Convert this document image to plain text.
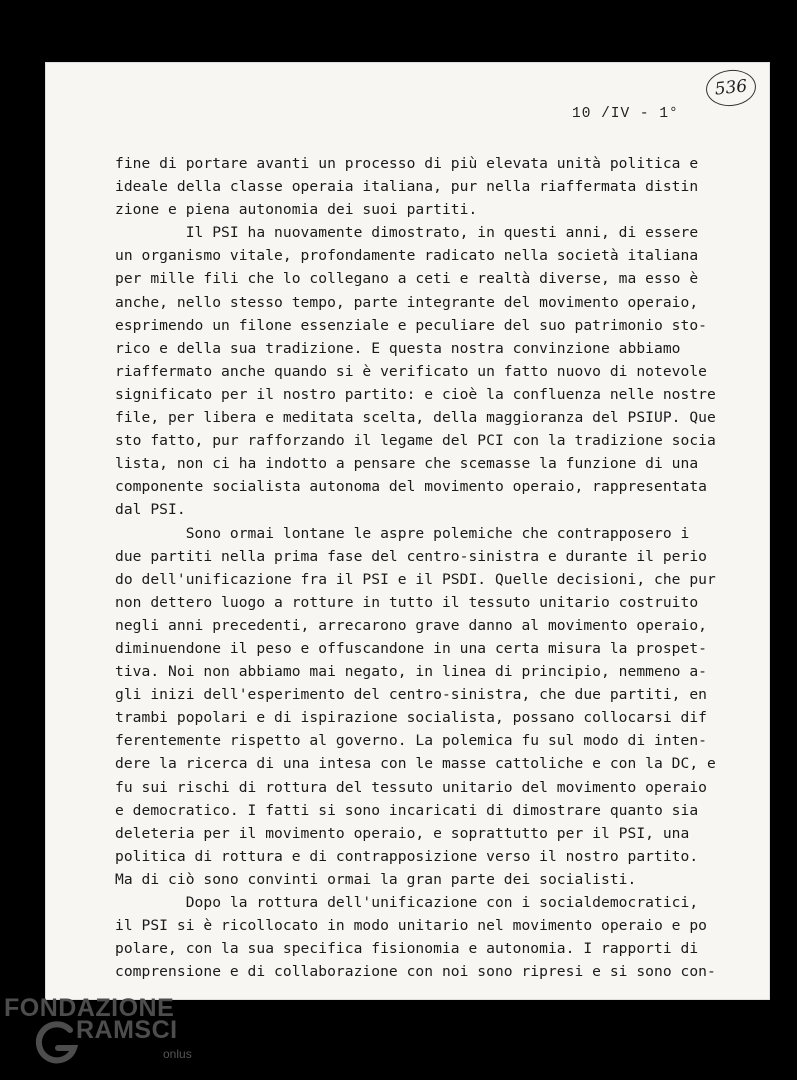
536
10 /IV - 1°
fine di portare avanti un processo di più elevata unità politica e
ideale della classe operaia italiana, pur nella riaffermata distin
zione e piena autonomia dei suoi partiti.
Il PSI ha nuovamente dimostrato, in questi anni, di essere
un organismo vitale, profondamente radicato nella società italiana
per mille fili che lo collegano a ceti e realtà diverse, ma esso è
anche, nello stesso tempo, parte integrante del movimento operaio,
esprimendo un filone essenziale e peculiare del suo patrimonio sto-
rico e della sua tradizione. E questa nostra convinzione abbiamo
riaffermato anche quando si è verificato un fatto nuovo di notevole
significato per il nostro partito: e cioè la confluenza nelle nostre
file, per libera e meditata scelta, della maggioranza del PSIUP. Que
sto fatto, pur rafforzando il legame del PCI con la tradizione socia
lista, non ci ha indotto a pensare che scemasse la funzione di una
componente socialista autonoma del movimento operaio, rappresentata
dal PSI.
Sono ormai lontane le aspre polemiche che contrapposero i
due partiti nella prima fase del centro-sinistra e durante il perio
do dell'unificazione fra il PSI e il PSDI. Quelle decisioni, che pur
non dettero luogo a rotture in tutto il tessuto unitario costruito
negli anni precedenti, arrecarono grave danno al movimento operaio,
diminuendone il peso e offuscandone in una certa misura la prospet-
tiva. Noi non abbiamo mai negato, in linea di principio, nemmeno a-
gli inizi dell'esperimento del centro-sinistra, che due partiti, en
trambi popolari e di ispirazione socialista, possano collocarsi dif
ferentemente rispetto al governo. La polemica fu sul modo di inten-
dere la ricerca di una intesa con le masse cattoliche e con la DC, e
fu sui rischi di rottura del tessuto unitario del movimento operaio
e democratico. I fatti si sono incaricati di dimostrare quanto sia
deleteria per il movimento operaio, e soprattutto per il PSI, una
politica di rottura e di contrapposizione verso il nostro partito.
Ma di ciò sono convinti ormai la gran parte dei socialisti.
Dopo la rottura dell'unificazione con i socialdemocratici,
il PSI si è ricollocato in modo unitario nel movimento operaio e po
polare, con la sua specifica fisionomia e autonomia. I rapporti di
comprensione e di collaborazione con noi sono ripresi e si sono con-
FONDAZIONE
RAMSCI
onlus
